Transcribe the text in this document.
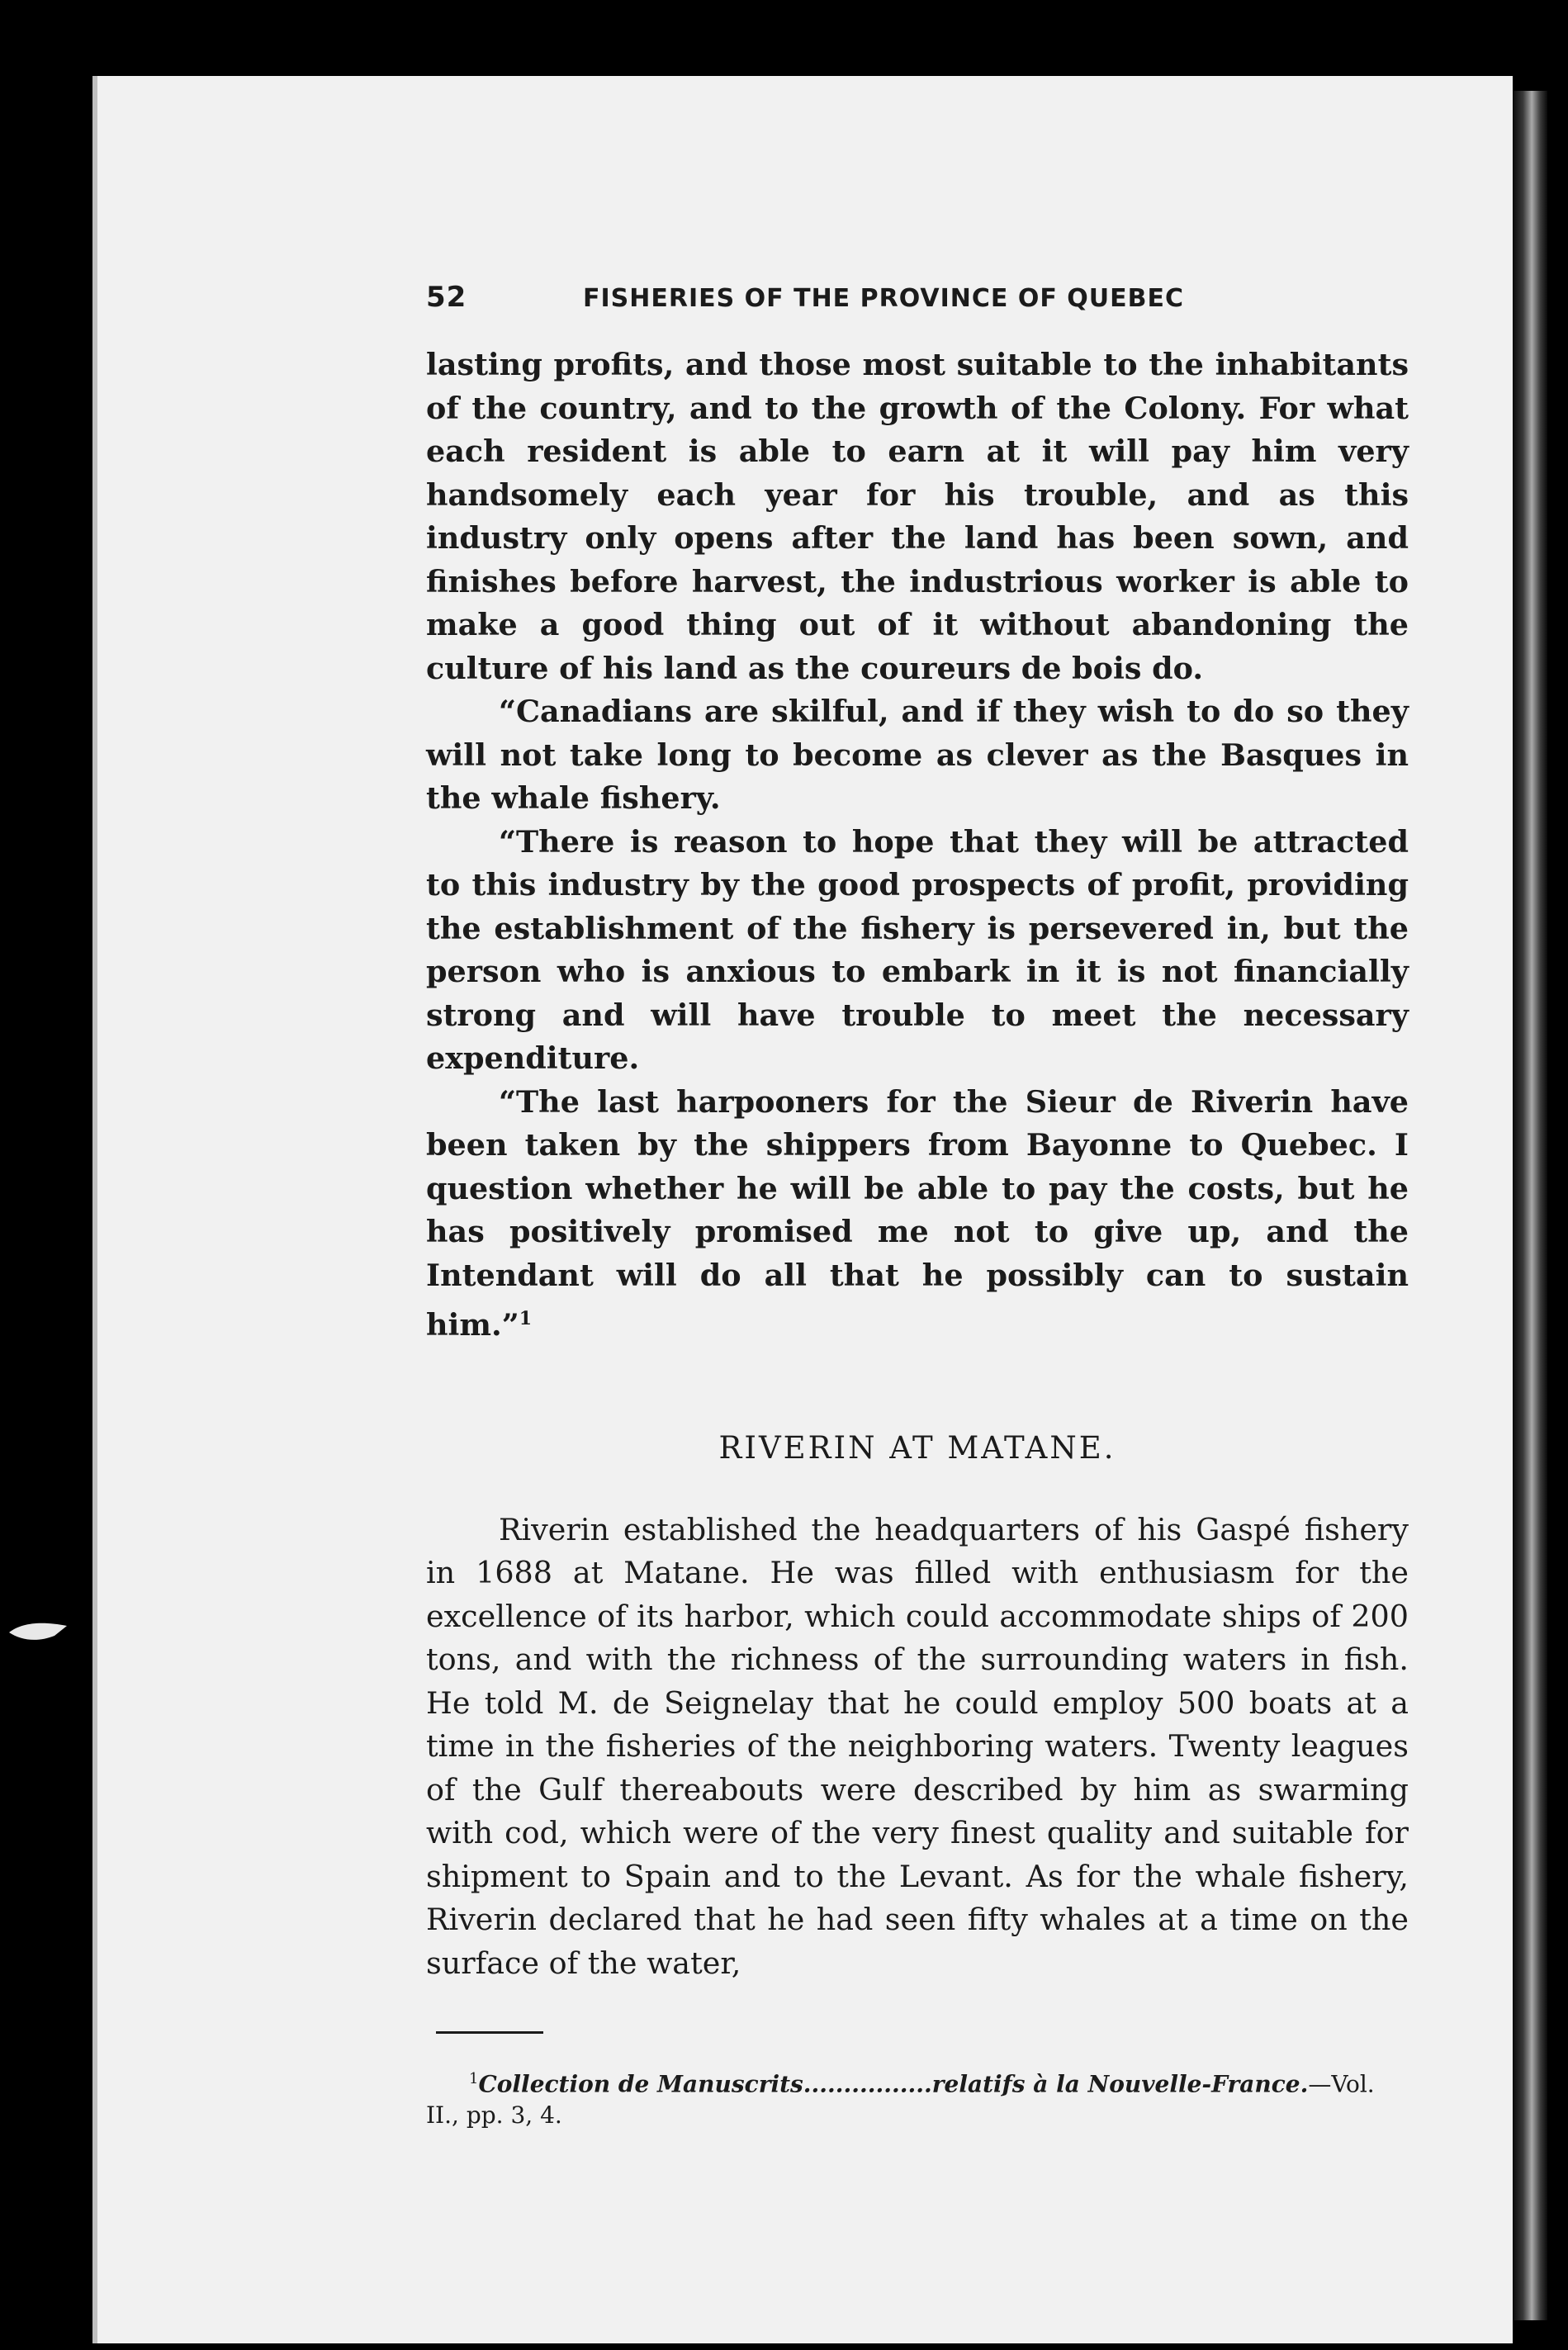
52	FISHERIES OF THE PROVINCE OF QUEBEC

lasting profits, and those most suitable to the inhabitants of the country, and to the growth of the Colony. For what each resident is able to earn at it will pay him very handsomely each year for his trouble, and as this industry only opens after the land has been sown, and finishes before harvest, the industrious worker is able to make a good thing out of it without abandoning the culture of his land as the coureurs de bois do.

“Canadians are skilful, and if they wish to do so they will not take long to become as clever as the Basques in the whale fishery.

“There is reason to hope that they will be attracted to this industry by the good prospects of profit, providing the establishment of the fishery is persevered in, but the person who is anxious to embark in it is not financially strong and will have trouble to meet the necessary expenditure.

“The last harpooners for the Sieur de Riverin have been taken by the shippers from Bayonne to Quebec. I question whether he will be able to pay the costs, but he has positively promised me not to give up, and the Intendant will do all that he possibly can to sustain him.”$^1$

RIVERIN AT MATANE.

Riverin established the headquarters of his Gaspé fishery in 1688 at Matane. He was filled with enthusiasm for the excellence of its harbor, which could accommodate ships of 200 tons, and with the richness of the surrounding waters in fish. He told M. de Seignelay that he could employ 500 boats at a time in the fisheries of the neighboring waters. Twenty leagues of the Gulf thereabouts were described by him as swarming with cod, which were of the very finest quality and suitable for shipment to Spain and to the Levant. As for the whale fishery, Riverin declared that he had seen fifty whales at a time on the surface of the water,

$^1$Collection de Manuscrits................relatifs à la Nouvelle-France.—Vol. II., pp. 3, 4.
